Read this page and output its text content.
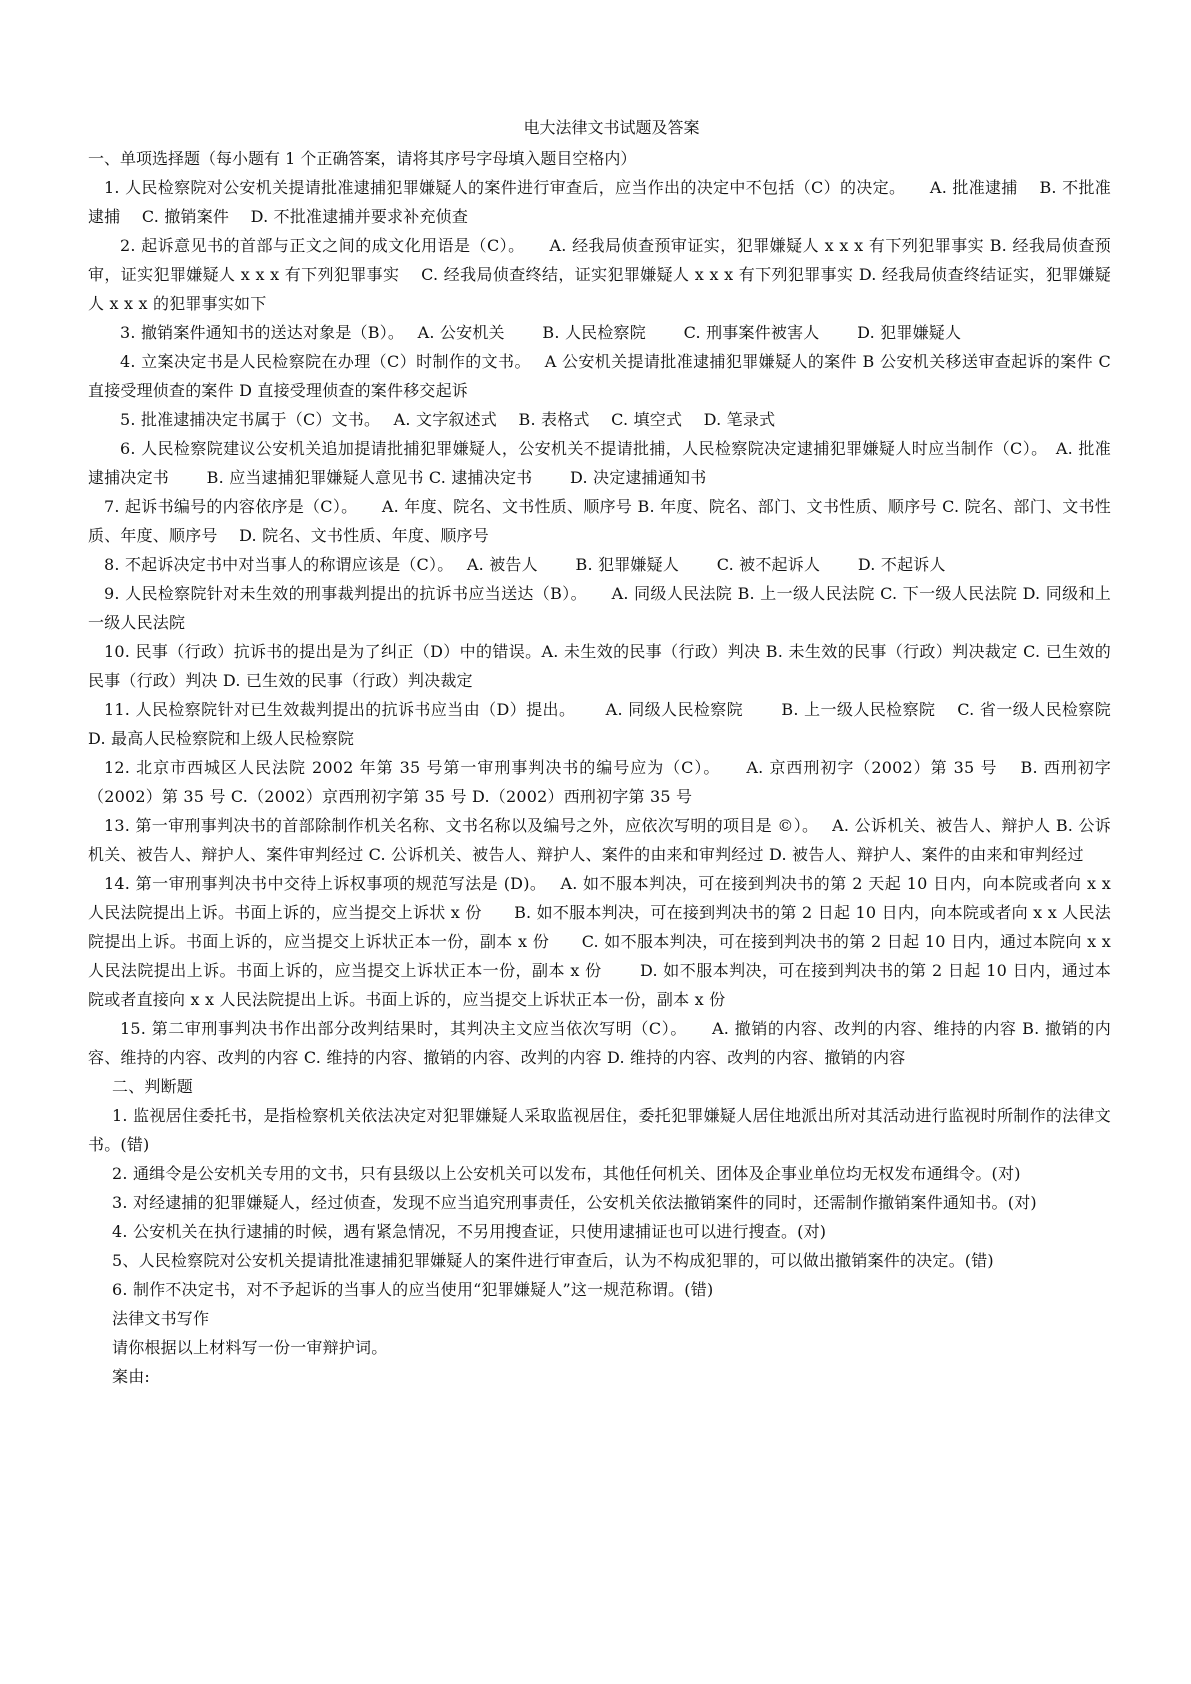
电大法律文书试题及答案
一、单项选择题（每小题有 1 个正确答案，请将其序号字母填入题目空格内）
1. 人民检察院对公安机关提请批准逮捕犯罪嫌疑人的案件进行审查后，应当作出的决定中不包括（C）的决定。　　A. 批准逮捕　 B. 不批准逮捕　 C. 撤销案件　 D. 不批准逮捕并要求补充侦查
2. 起诉意见书的首部与正文之间的成文化用语是（C）。　　A. 经我局侦查预审证实，犯罪嫌疑人 x x x 有下列犯罪事实 B. 经我局侦查预审，证实犯罪嫌疑人 x x x 有下列犯罪事实　 C. 经我局侦查终结，证实犯罪嫌疑人 x x x 有下列犯罪事实 D. 经我局侦查终结证实，犯罪嫌疑人 x x x 的犯罪事实如下
3. 撤销案件通知书的送达对象是（B）。　 A. 公安机关　　 B. 人民检察院　　 C. 刑事案件被害人　　 D. 犯罪嫌疑人
4. 立案决定书是人民检察院在办理（C）时制作的文书。　 A 公安机关提请批准逮捕犯罪嫌疑人的案件 B 公安机关移送审查起诉的案件 C 直接受理侦查的案件 D 直接受理侦查的案件移交起诉
5. 批准逮捕决定书属于（C）文书。　 A. 文字叙述式　 B. 表格式　 C. 填空式　 D. 笔录式
6. 人民检察院建议公安机关追加提请批捕犯罪嫌疑人，公安机关不提请批捕，人民检察院决定逮捕犯罪嫌疑人时应当制作（C）。　A. 批准逮捕决定书　　 B. 应当逮捕犯罪嫌疑人意见书 C. 逮捕决定书　　 D. 决定逮捕通知书
7. 起诉书编号的内容依序是（C）。　　A. 年度、院名、文书性质、顺序号 B. 年度、院名、部门、文书性质、顺序号 C. 院名、部门、文书性质、年度、顺序号　 D. 院名、文书性质、年度、顺序号
8. 不起诉决定书中对当事人的称谓应该是（C）。　 A. 被告人　　 B. 犯罪嫌疑人　　 C. 被不起诉人　　 D. 不起诉人
9. 人民检察院针对未生效的刑事裁判提出的抗诉书应当送达（B）。　　A. 同级人民法院 B. 上一级人民法院 C. 下一级人民法院 D. 同级和上一级人民法院
10. 民事（行政）抗诉书的提出是为了纠正（D）中的错误。A. 未生效的民事（行政）判决 B. 未生效的民事（行政）判决裁定 C. 已生效的民事（行政）判决 D. 已生效的民事（行政）判决裁定
11. 人民检察院针对已生效裁判提出的抗诉书应当由（D）提出。　　 A. 同级人民检察院　　 B. 上一级人民检察院　 C. 省一级人民检察院　 D. 最高人民检察院和上级人民检察院
12. 北京市西城区人民法院 2002 年第 35 号第一审刑事判决书的编号应为（C）。　　A. 京西刑初字（2002）第 35 号　 B. 西刑初字（2002）第 35 号 C.（2002）京西刑初字第 35 号 D.（2002）西刑初字第 35 号
13. 第一审刑事判决书的首部除制作机关名称、文书名称以及编号之外，应依次写明的项目是 ©）。　 A. 公诉机关、被告人、辩护人 B. 公诉机关、被告人、辩护人、案件审判经过 C. 公诉机关、被告人、辩护人、案件的由来和审判经过 D. 被告人、辩护人、案件的由来和审判经过
14. 第一审刑事判决书中交待上诉权事项的规范写法是 (D)。　 A. 如不服本判决，可在接到判决书的第 2 天起 10 日内，向本院或者向 x x 人民法院提出上诉。书面上诉的，应当提交上诉状 x 份　　B. 如不服本判决，可在接到判决书的第 2 日起 10 日内，向本院或者向 x x 人民法院提出上诉。书面上诉的，应当提交上诉状正本一份，副本 x 份　　C. 如不服本判决，可在接到判决书的第 2 日起 10 日内，通过本院向 x x 人民法院提出上诉。书面上诉的，应当提交上诉状正本一份，副本 x 份　　 D. 如不服本判决，可在接到判决书的第 2 日起 10 日内，通过本院或者直接向 x x 人民法院提出上诉。书面上诉的，应当提交上诉状正本一份，副本 x 份
15. 第二审刑事判决书作出部分改判结果时，其判决主文应当依次写明（C）。　　A. 撤销的内容、改判的内容、维持的内容 B. 撤销的内容、维持的内容、改判的内容 C. 维持的内容、撤销的内容、改判的内容 D. 维持的内容、改判的内容、撤销的内容
二、判断题
1. 监视居住委托书，是指检察机关依法决定对犯罪嫌疑人采取监视居住，委托犯罪嫌疑人居住地派出所对其活动进行监视时所制作的法律文书。(错)
2. 通缉令是公安机关专用的文书，只有县级以上公安机关可以发布，其他任何机关、团体及企事业单位均无权发布通缉令。(对)
3. 对经逮捕的犯罪嫌疑人，经过侦查，发现不应当追究刑事责任，公安机关依法撤销案件的同时，还需制作撤销案件通知书。(对)
4. 公安机关在执行逮捕的时候，遇有紧急情况，不另用搜查证，只使用逮捕证也可以进行搜查。(对)
5、人民检察院对公安机关提请批准逮捕犯罪嫌疑人的案件进行审查后，认为不构成犯罪的，可以做出撤销案件的决定。(错)
6. 制作不决定书，对不予起诉的当事人的应当使用“犯罪嫌疑人”这一规范称谓。(错)
法律文书写作
请你根据以上材料写一份一审辩护词。
案由:
